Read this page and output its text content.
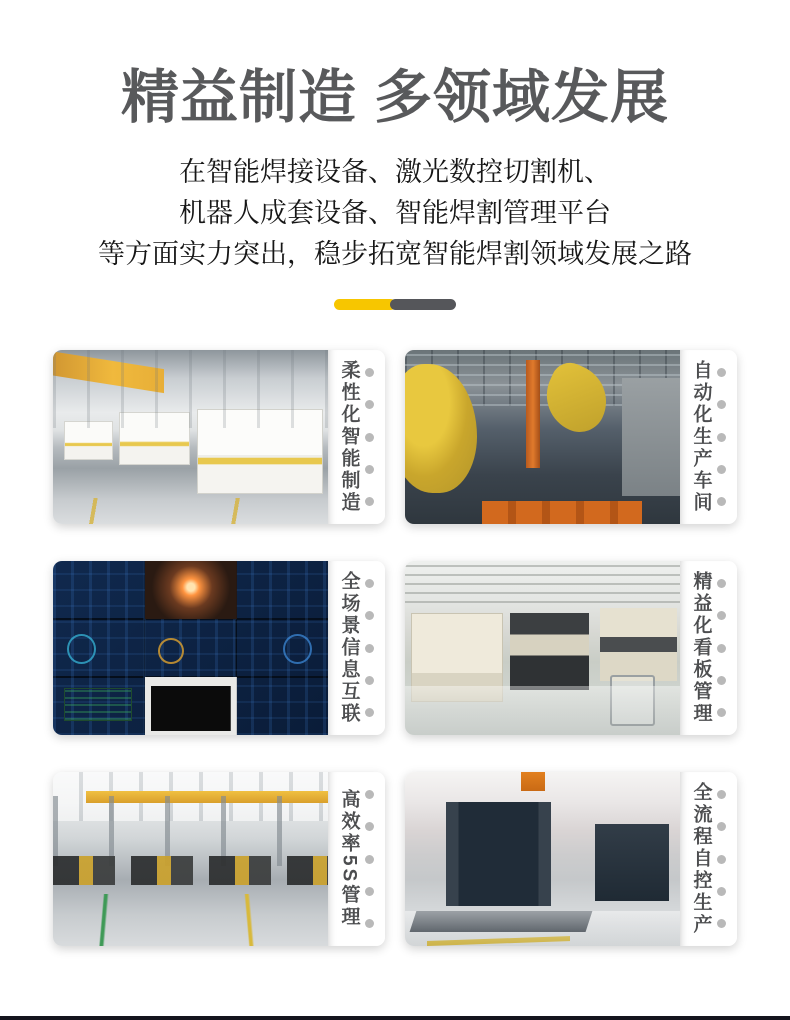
精益制造 多领域发展
在智能焊接设备、激光数控切割机、
机器人成套设备、智能焊割管理平台
等方面实力突出，稳步拓宽智能焊割领域发展之路
柔性化智能制造	自动化生产车间
全场景信息互联	精益化看板管理
高效率5S管理	全流程自控生产
